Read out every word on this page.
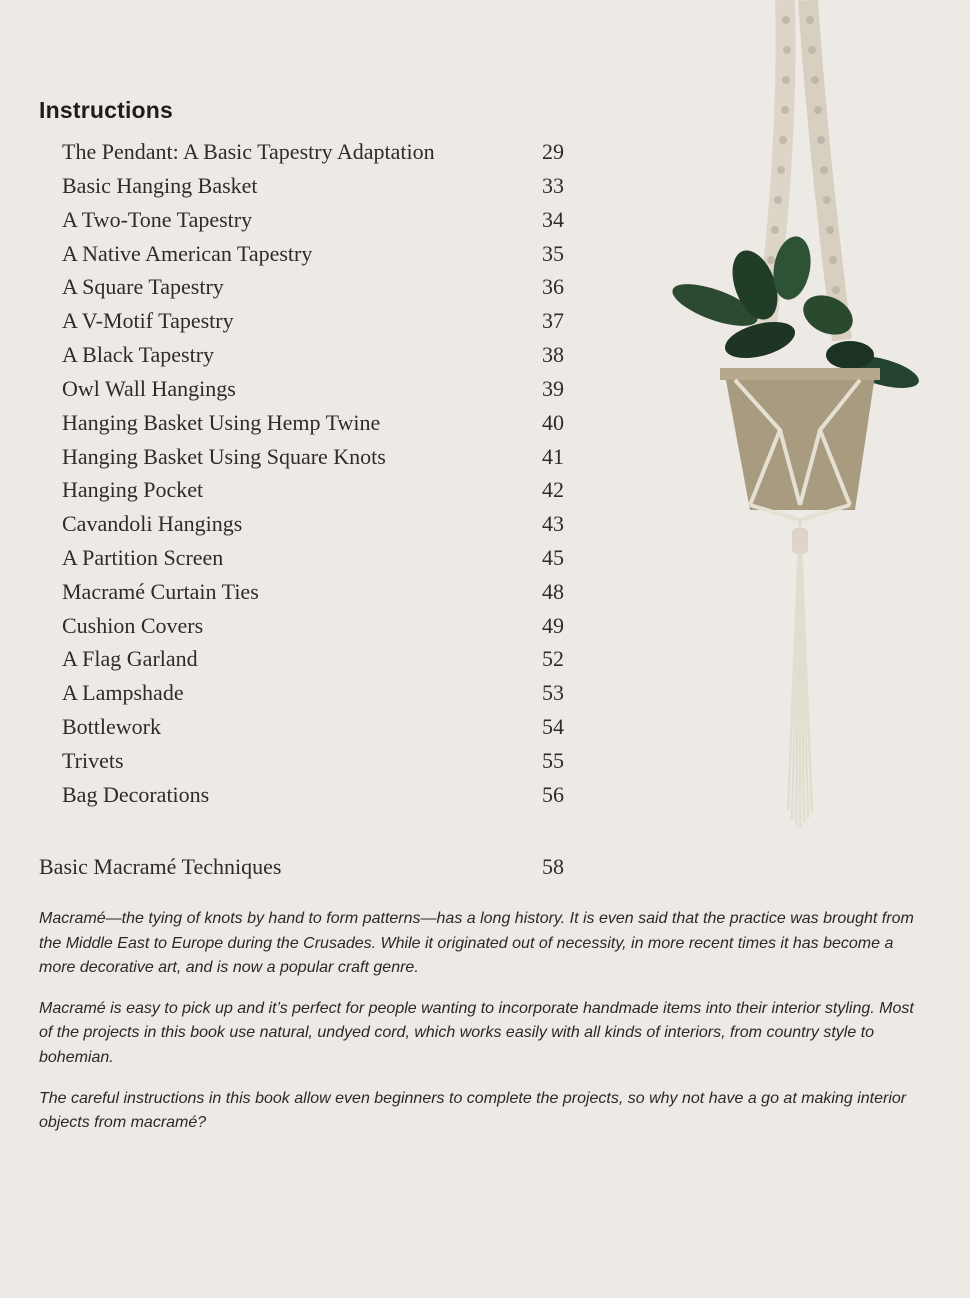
Instructions
The Pendant: A Basic Tapestry Adaptation	29
Basic Hanging Basket	33
A Two-Tone Tapestry	34
A Native American Tapestry	35
A Square Tapestry	36
A V-Motif Tapestry	37
A Black Tapestry	38
Owl Wall Hangings	39
Hanging Basket Using Hemp Twine	40
Hanging Basket Using Square Knots	41
Hanging Pocket	42
Cavandoli Hangings	43
A Partition Screen	45
Macramé Curtain Ties	48
Cushion Covers	49
A Flag Garland	52
A Lampshade	53
Bottlework	54
Trivets	55
Bag Decorations	56
Basic Macramé Techniques	58

Macramé—the tying of knots by hand to form patterns—has a long history. It is even said that the practice was brought from the Middle East to Europe during the Crusades. While it originated out of necessity, in more recent times it has become a more decorative art, and is now a popular craft genre.

Macramé is easy to pick up and it’s perfect for people wanting to incorporate handmade items into their interior styling. Most of the projects in this book use natural, undyed cord, which works easily with all kinds of interiors, from country style to bohemian.

The careful instructions in this book allow even beginners to complete the projects, so why not have a go at making interior objects from macramé?
